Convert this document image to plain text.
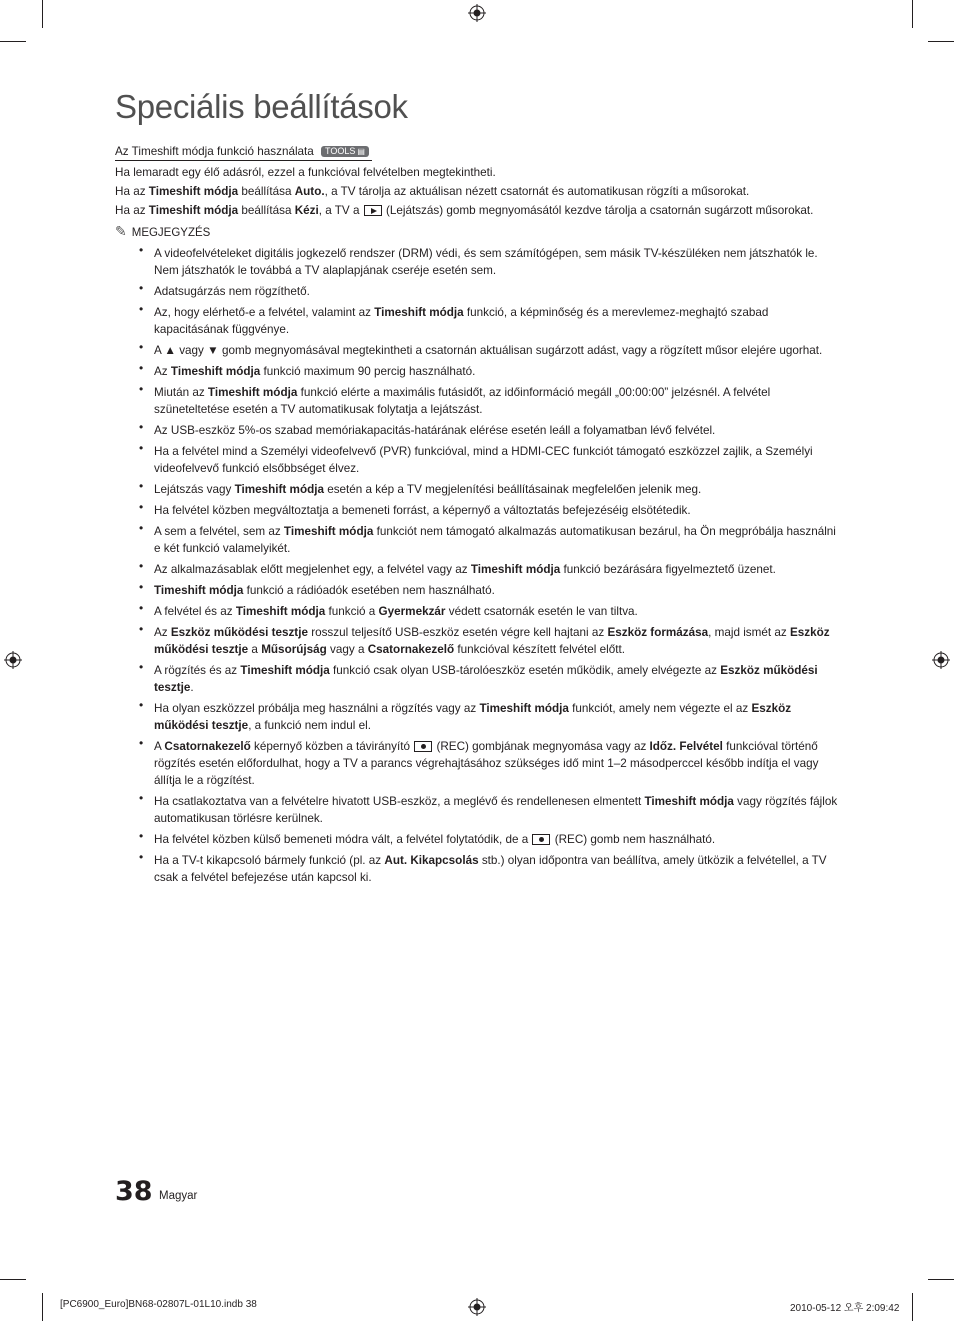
Speciális beállítások
Az Timeshift módja funkció használata TOOLS ▤

Ha lemaradt egy élő adásról, ezzel a funkcióval felvételben megtekintheti.

Ha az Timeshift módja beállítása Auto., a TV tárolja az aktuálisan nézett csatornát és automatikusan rögzíti a műsorokat.

Ha az Timeshift módja beállítása Kézi, a TV a  (Lejátszás) gomb megnyomásától kezdve tárolja a csatornán sugárzott műsorokat.

✎ MEGJEGYZÉS
• A videofelvételeket digitális jogkezelő rendszer (DRM) védi, és sem számítógépen, sem másik TV-készüléken nem játszhatók le. Nem játszhatók le továbbá a TV alaplapjának cseréje esetén sem.
• Adatsugárzás nem rögzíthető.
• Az, hogy elérhető-e a felvétel, valamint az Timeshift módja funkció, a képminőség és a merevlemez-meghajtó szabad kapacitásának függvénye.
• A ▲ vagy ▼ gomb megnyomásával megtekintheti a csatornán aktuálisan sugárzott adást, vagy a rögzített műsor elejére ugorhat.
• Az Timeshift módja funkció maximum 90 percig használható.
• Miután az Timeshift módja funkció elérte a maximális futásidőt, az időinformáció megáll „00:00:00” jelzésnél. A felvétel szüneteltetése esetén a TV automatikusak folytatja a lejátszást.
• Az USB-eszköz 5%-os szabad memóriakapacitás-határának elérése esetén leáll a folyamatban lévő felvétel.
• Ha a felvétel mind a Személyi videofelvevő (PVR) funkcióval, mind a HDMI-CEC funkciót támogató eszközzel zajlik, a Személyi videofelvevő funkció elsőbbséget élvez.
• Lejátszás vagy Timeshift módja esetén a kép a TV megjelenítési beállításainak megfelelően jelenik meg.
• Ha felvétel közben megváltoztatja a bemeneti forrást, a képernyő a változtatás befejezéséig elsötétedik.
• A sem a felvétel, sem az Timeshift módja funkciót nem támogató alkalmazás automatikusan bezárul, ha Ön megpróbálja használni e két funkció valamelyikét.
• Az alkalmazásablak előtt megjelenhet egy, a felvétel vagy az Timeshift módja funkció bezárására figyelmeztető üzenet.
• Timeshift módja funkció a rádióadók esetében nem használható.
• A felvétel és az Timeshift módja funkció a Gyermekzár védett csatornák esetén le van tiltva.
• Az Eszköz működési tesztje rosszul teljesítő USB-eszköz esetén végre kell hajtani az Eszköz formázása, majd ismét az Eszköz működési tesztje a Műsorújság vagy a Csatornakezelő funkcióval készített felvétel előtt.
• A rögzítés és az Timeshift módja funkció csak olyan USB-tárolóeszköz esetén működik, amely elvégezte az Eszköz működési tesztje.
• Ha olyan eszközzel próbálja meg használni a rögzítés vagy az Timeshift módja funkciót, amely nem végezte el az Eszköz működési tesztje, a funkció nem indul el.
• A Csatornakezelő képernyő közben a távirányító  (REC) gombjának megnyomása vagy az Időz. Felvétel funkcióval történő rögzítés esetén előfordulhat, hogy a TV a parancs végrehajtásához szükséges idő mint 1–2 másodperccel később indítja el vagy állítja le a rögzítést.
• Ha csatlakoztatva van a felvételre hivatott USB-eszköz, a meglévő és rendellenesen elmentett Timeshift módja vagy rögzítés fájlok automatikusan törlésre kerülnek.
• Ha felvétel közben külső bemeneti módra vált, a felvétel folytatódik, de a  (REC) gomb nem használható.
• Ha a TV-t kikapcsoló bármely funkció (pl. az Aut. Kikapcsolás stb.) olyan időpontra van beállítva, amely ütközik a felvétellel, a TV csak a felvétel befejezése után kapcsol ki.
38 Magyar
[PC6900_Euro]BN68-02807L-01L10.indb 38	2010-05-12 오후 2:09:42
